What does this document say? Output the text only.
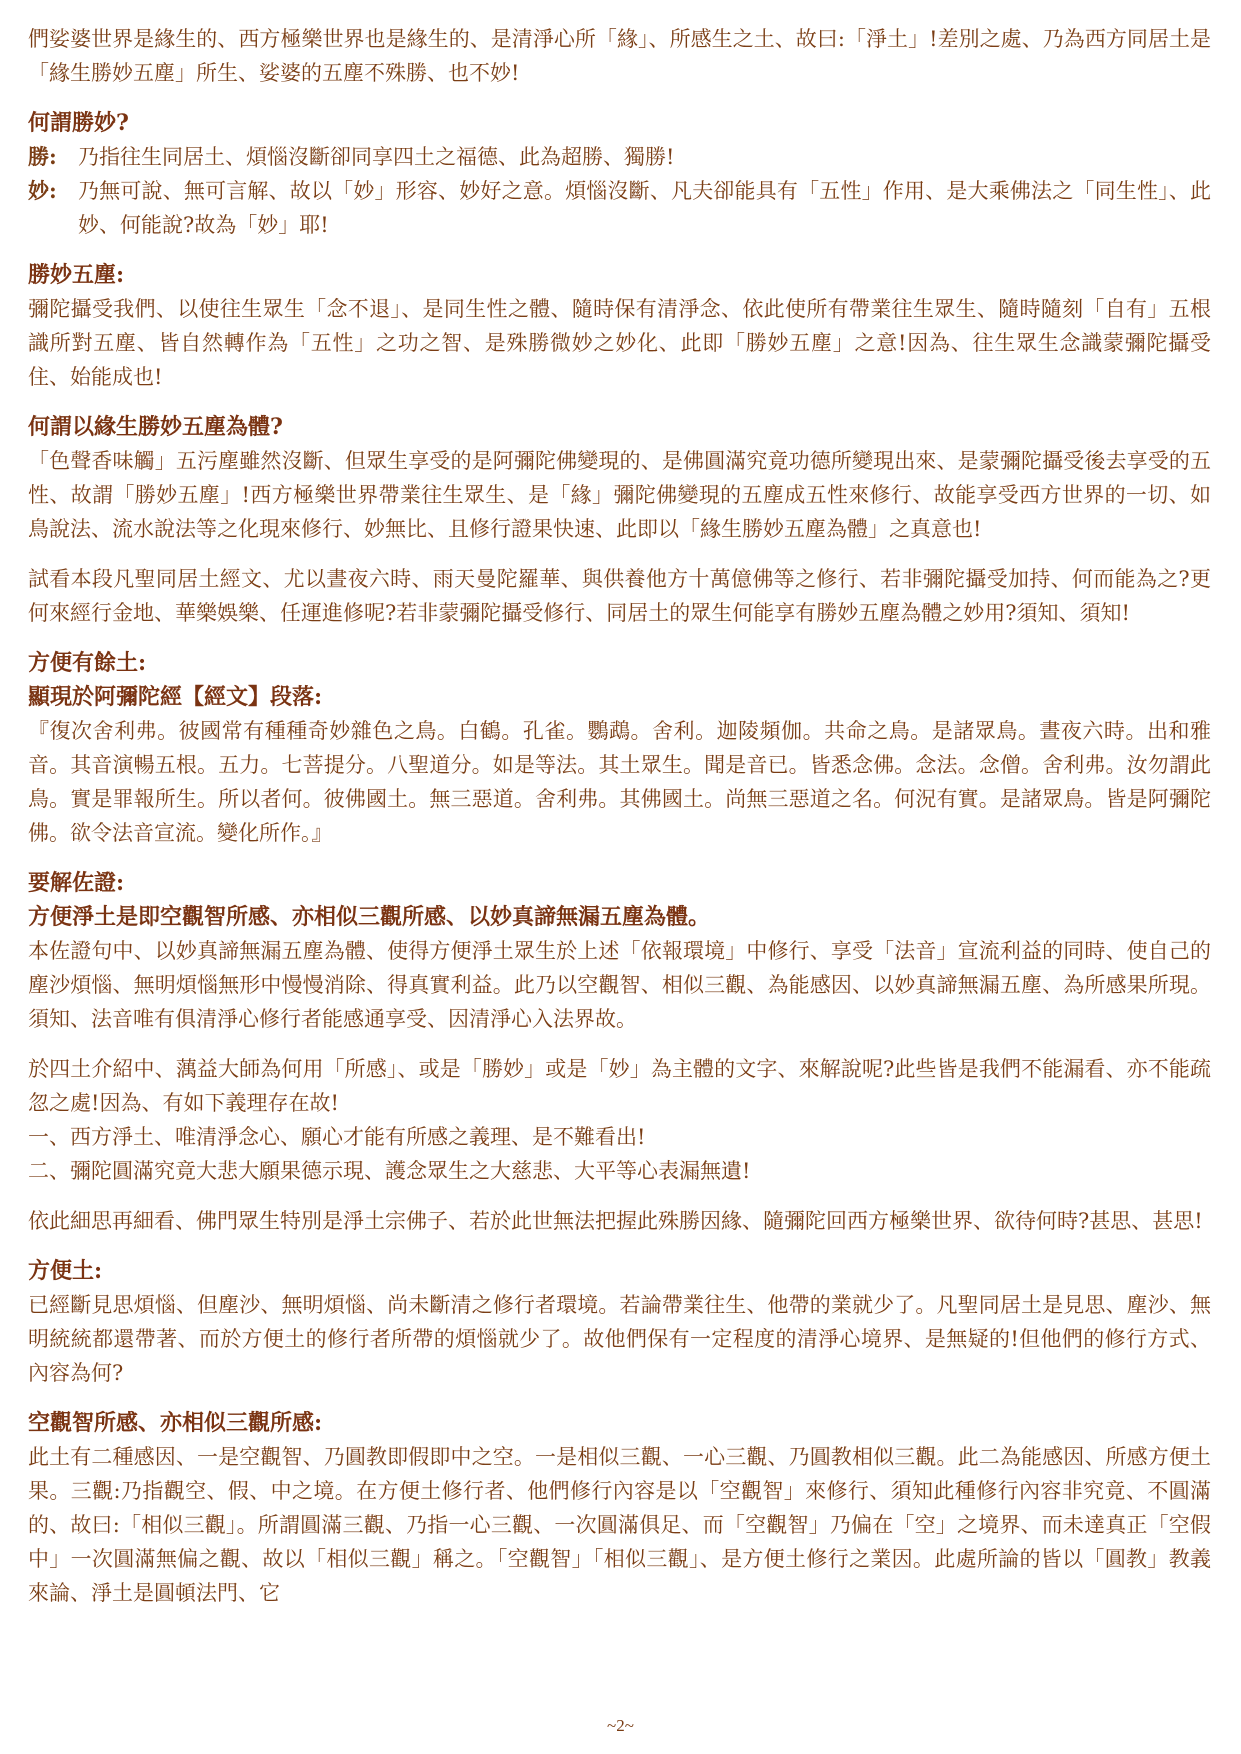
們娑婆世界是緣生的、西方極樂世界也是緣生的、是清淨心所「緣」、所感生之土、故曰:「淨土」!差別之處、乃為西方同居土是「緣生勝妙五塵」所生、娑婆的五塵不殊勝、也不妙!

何謂勝妙?

勝:	乃指往生同居土、煩惱沒斷卻同享四土之福德、此為超勝、獨勝!
妙:	乃無可說、無可言解、故以「妙」形容、妙好之意。煩惱沒斷、凡夫卻能具有「五性」作用、是大乘佛法之「同生性」、此妙、何能說?故為「妙」耶!

勝妙五塵:

彌陀攝受我們、以使往生眾生「念不退」、是同生性之體、隨時保有清淨念、依此使所有帶業往生眾生、隨時隨刻「自有」五根識所對五塵、皆自然轉作為「五性」之功之智、是殊勝微妙之妙化、此即「勝妙五塵」之意!因為、往生眾生念識蒙彌陀攝受住、始能成也!

何謂以緣生勝妙五塵為體?

「色聲香味觸」五污塵雖然沒斷、但眾生享受的是阿彌陀佛變現的、是佛圓滿究竟功德所變現出來、是蒙彌陀攝受後去享受的五性、故謂「勝妙五塵」!西方極樂世界帶業往生眾生、是「緣」彌陀佛變現的五塵成五性來修行、故能享受西方世界的一切、如鳥說法、流水說法等之化現來修行、妙無比、且修行證果快速、此即以「緣生勝妙五塵為體」之真意也!

試看本段凡聖同居土經文、尤以晝夜六時、雨天曼陀羅華、與供養他方十萬億佛等之修行、若非彌陀攝受加持、何而能為之?更何來經行金地、華樂娛樂、任運進修呢?若非蒙彌陀攝受修行、同居土的眾生何能享有勝妙五塵為體之妙用?須知、須知!

方便有餘土:

顯現於阿彌陀經【經文】段落:

『復次舍利弗。彼國常有種種奇妙雜色之鳥。白鶴。孔雀。鸚鵡。舍利。迦陵頻伽。共命之鳥。是諸眾鳥。晝夜六時。出和雅音。其音演暢五根。五力。七菩提分。八聖道分。如是等法。其土眾生。聞是音已。皆悉念佛。念法。念僧。舍利弗。汝勿謂此鳥。實是罪報所生。所以者何。彼佛國土。無三惡道。舍利弗。其佛國土。尚無三惡道之名。何況有實。是諸眾鳥。皆是阿彌陀佛。欲令法音宣流。變化所作。』

要解佐證:

方便淨土是即空觀智所感、亦相似三觀所感、以妙真諦無漏五塵為體。

本佐證句中、以妙真諦無漏五塵為體、使得方便淨土眾生於上述「依報環境」中修行、享受「法音」宣流利益的同時、使自己的塵沙煩惱、無明煩惱無形中慢慢消除、得真實利益。此乃以空觀智、相似三觀、為能感因、以妙真諦無漏五塵、為所感果所現。須知、法音唯有俱清淨心修行者能感通享受、因清淨心入法界故。

於四土介紹中、蕅益大師為何用「所感」、或是「勝妙」或是「妙」為主體的文字、來解說呢?此些皆是我們不能漏看、亦不能疏忽之處!因為、有如下義理存在故!

一、西方淨土、唯清淨念心、願心才能有所感之義理、是不難看出!

二、彌陀圓滿究竟大悲大願果德示現、護念眾生之大慈悲、大平等心表漏無遺!

依此細思再細看、佛門眾生特別是淨土宗佛子、若於此世無法把握此殊勝因緣、隨彌陀回西方極樂世界、欲待何時?甚思、甚思!

方便土:

已經斷見思煩惱、但塵沙、無明煩惱、尚未斷清之修行者環境。若論帶業往生、他帶的業就少了。凡聖同居土是見思、塵沙、無明統統都還帶著、而於方便土的修行者所帶的煩惱就少了。故他們保有一定程度的清淨心境界、是無疑的!但他們的修行方式、內容為何?

空觀智所感、亦相似三觀所感:

此土有二種感因、一是空觀智、乃圓教即假即中之空。一是相似三觀、一心三觀、乃圓教相似三觀。此二為能感因、所感方便土果。三觀:乃指觀空、假、中之境。在方便土修行者、他們修行內容是以「空觀智」來修行、須知此種修行內容非究竟、不圓滿的、故曰:「相似三觀」。所謂圓滿三觀、乃指一心三觀、一次圓滿俱足、而「空觀智」乃偏在「空」之境界、而未達真正「空假中」一次圓滿無偏之觀、故以「相似三觀」稱之。「空觀智」「相似三觀」、是方便土修行之業因。此處所論的皆以「圓教」教義來論、淨土是圓頓法門、它

~2~
